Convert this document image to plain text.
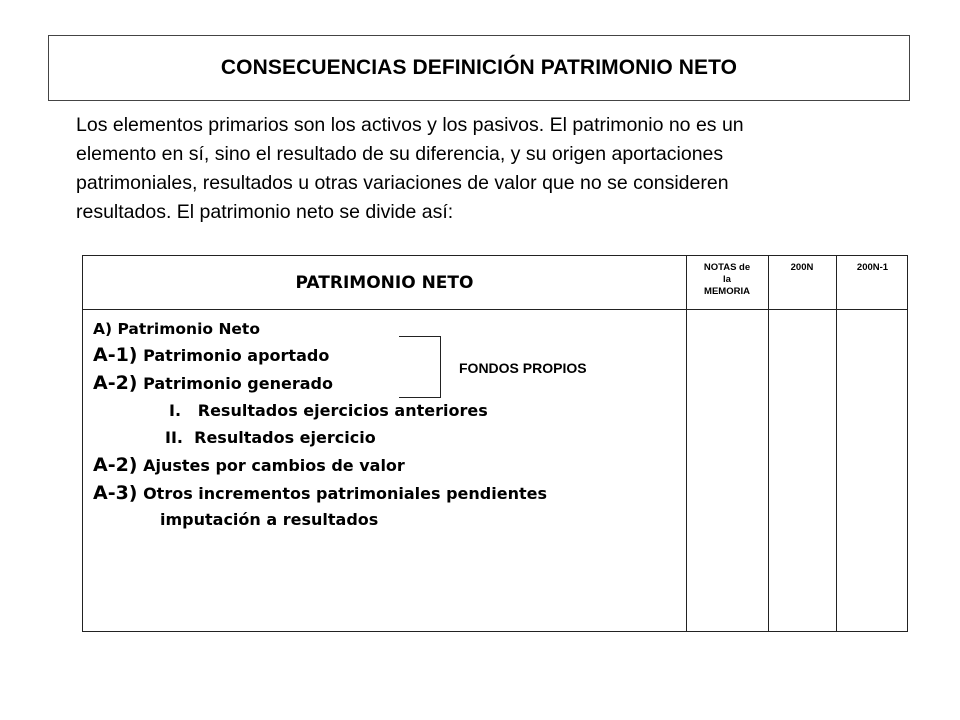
CONSECUENCIAS DEFINICIÓN PATRIMONIO NETO

Los elementos primarios son los activos y los pasivos. El patrimonio no es un
elemento en sí, sino el resultado de su diferencia, y su origen aportaciones
patrimoniales, resultados u otras variaciones de valor que no se consideren
resultados. El patrimonio neto se divide así:

PATRIMONIO NETO
NOTAS de
la
MEMORIA
200N	200N-1
A) Patrimonio Neto
A-1) Patrimonio aportado
A-2) Patrimonio generado
I.   Resultados ejercicios anteriores
II.  Resultados ejercicio
A-2) Ajustes por cambios de valor
A-3) Otros incrementos patrimoniales pendientes
imputación a resultados
FONDOS PROPIOS
